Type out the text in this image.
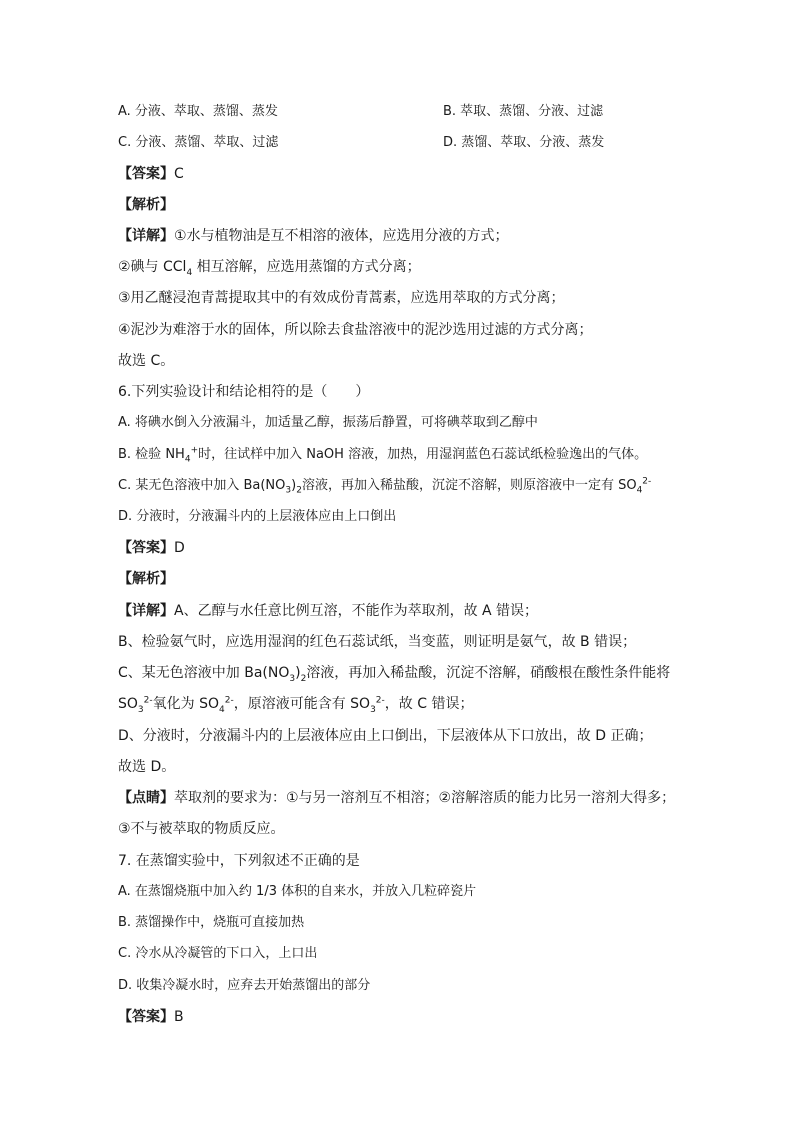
A. 分液、萃取、蒸馏、蒸发	B. 萃取、蒸馏、分液、过滤
C. 分液、蒸馏、萃取、过滤	D. 蒸馏、萃取、分液、蒸发
【答案】C
【解析】
【详解】①水与植物油是互不相溶的液体，应选用分液的方式；
②碘与 CCl$_4$ 相互溶解，应选用蒸馏的方式分离；
③用乙醚浸泡青蒿提取其中的有效成份青蒿素，应选用萃取的方式分离；
④泥沙为难溶于水的固体，所以除去食盐溶液中的泥沙选用过滤的方式分离；
故选 C。
6.下列实验设计和结论相符的是（　　）
A. 将碘水倒入分液漏斗，加适量乙醇，振荡后静置，可将碘萃取到乙醇中
B. 检验 $NH_4^+$时，往试样中加入 NaOH 溶液，加热，用湿润蓝色石蕊试纸检验逸出的气体。
C. 某无色溶液中加入 $Ba(NO_3)_2$溶液，再加入稀盐酸，沉淀不溶解，则原溶液中一定有 $SO_4^{2-}$
D. 分液时，分液漏斗内的上层液体应由上口倒出
【答案】D
【解析】
【详解】A、乙醇与水任意比例互溶，不能作为萃取剂，故 A 错误；
B、检验氨气时，应选用湿润的红色石蕊试纸，当变蓝，则证明是氨气，故 B 错误；
C、某无色溶液中加 $Ba(NO_3)_2$溶液，再加入稀盐酸，沉淀不溶解，硝酸根在酸性条件能将
$SO_3^{2-}$氧化为 $SO_4^{2-}$，原溶液可能含有 $SO_3^{2-}$，故 C 错误；
D、分液时，分液漏斗内的上层液体应由上口倒出，下层液体从下口放出，故 D 正确；
故选 D。
【点睛】萃取剂的要求为：①与另一溶剂互不相溶；②溶解溶质的能力比另一溶剂大得多；
③不与被萃取的物质反应。
7. 在蒸馏实验中，下列叙述不正确的是
A. 在蒸馏烧瓶中加入约 1/3 体积的自来水，并放入几粒碎瓷片
B. 蒸馏操作中，烧瓶可直接加热
C. 冷水从冷凝管的下口入，上口出
D. 收集冷凝水时，应弃去开始蒸馏出的部分
【答案】B
